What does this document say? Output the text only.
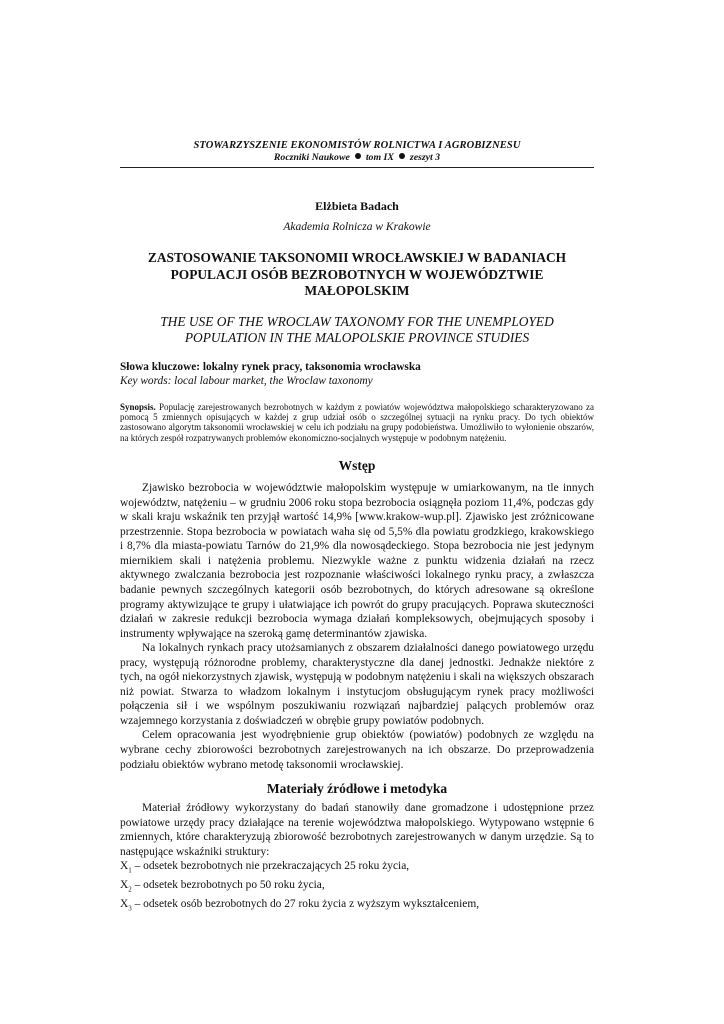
STOWARZYSZENIE EKONOMISTÓW ROLNICTWA I AGROBIZNESU
Roczniki Naukowe tom IX zeszyt 3
Elżbieta Badach
Akademia Rolnicza w Krakowie
ZASTOSOWANIE TAKSONOMII WROCŁAWSKIEJ W BADANIACH POPULACJI OSÓB BEZROBOTNYCH W WOJEWÓDZTWIE MAŁOPOLSKIM
THE USE OF THE WROCLAW TAXONOMY FOR THE UNEMPLOYED POPULATION IN THE MALOPOLSKIE PROVINCE STUDIES
Słowa kluczowe: lokalny rynek pracy, taksonomia wrocławska
Key words: local labour market, the Wroclaw taxonomy
Synopsis. Populację zarejestrowanych bezrobotnych w każdym z powiatów województwa małopolskiego scharakteryzowano za pomocą 5 zmiennych opisujących w każdej z grup udział osób o szczególnej sytuacji na rynku pracy. Do tych obiektów zastosowano algorytm taksonomii wrocławskiej w celu ich podziału na grupy podobieństwa. Umożliwiło to wyłonienie obszarów, na których zespół rozpatrywanych problemów ekonomiczno-socjalnych występuje w podobnym natężeniu.
Wstęp

Zjawisko bezrobocia w województwie małopolskim występuje w umiarkowanym, na tle innych województw, natężeniu – w grudniu 2006 roku stopa bezrobocia osiągnęła poziom 11,4%, podczas gdy w skali kraju wskaźnik ten przyjął wartość 14,9% [www.krakow-wup.pl]. Zjawisko jest zróżnicowane przestrzennie. Stopa bezrobocia w powiatach waha się od 5,5% dla powiatu grodzkiego, krakowskiego i 8,7% dla miasta-powiatu Tarnów do 21,9% dla nowosądeckiego. Stopa bezrobocia nie jest jedynym miernikiem skali i natężenia problemu. Niezwykle ważne z punktu widzenia działań na rzecz aktywnego zwalczania bezrobocia jest rozpoznanie właściwości lokalnego rynku pracy, a zwłaszcza badanie pewnych szczególnych kategorii osób bezrobotnych, do których adresowane są określone programy aktywizujące te grupy i ułatwiające ich powrót do grupy pracujących. Poprawa skuteczności działań w zakresie redukcji bezrobocia wymaga działań kompleksowych, obejmujących sposoby i instrumenty wpływające na szeroką gamę determinantów zjawiska.

Na lokalnych rynkach pracy utożsamianych z obszarem działalności danego powiatowego urzędu pracy, występują różnorodne problemy, charakterystyczne dla danej jednostki. Jednakże niektóre z tych, na ogół niekorzystnych zjawisk, występują w podobnym natężeniu i skali na większych obszarach niż powiat. Stwarza to władzom lokalnym i instytucjom obsługującym rynek pracy możliwości połączenia sił i we wspólnym poszukiwaniu rozwiązań najbardziej palących problemów oraz wzajemnego korzystania z doświadczeń w obrębie grupy powiatów podobnych.

Celem opracowania jest wyodrębnienie grup obiektów (powiatów) podobnych ze względu na wybrane cechy zbiorowości bezrobotnych zarejestrowanych na ich obszarze. Do przeprowadzenia podziału obiektów wybrano metodę taksonomii wrocławskiej.

Materiały źródłowe i metodyka

Materiał źródłowy wykorzystany do badań stanowiły dane gromadzone i udostępnione przez powiatowe urzędy pracy działające na terenie województwa małopolskiego. Wytypowano wstępnie 6 zmiennych, które charakteryzują zbiorowość bezrobotnych zarejestrowanych w danym urzędzie. Są to następujące wskaźniki struktury:

$X_1$ – odsetek bezrobotnych nie przekraczających 25 roku życia,
$X_2$ – odsetek bezrobotnych po 50 roku życia,
$X_3$ – odsetek osób bezrobotnych do 27 roku życia z wyższym wykształceniem,
